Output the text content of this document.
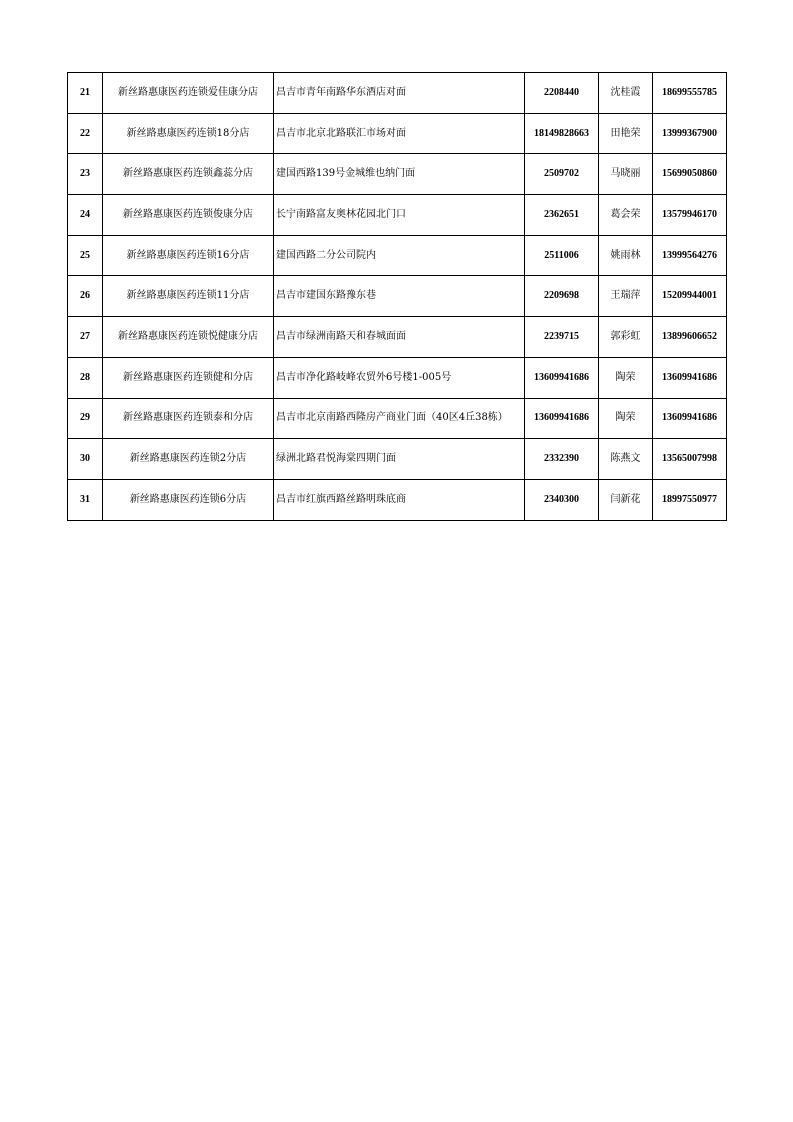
21	新丝路惠康医药连锁爱佳康分店	昌吉市青年南路华东酒店对面	2208440	沈桂霞	18699555785
22	新丝路惠康医药连锁18分店	昌吉市北京北路联汇市场对面	18149828663	田艳荣	13999367900
23	新丝路惠康医药连锁鑫蕊分店	建国西路139号金城维也纳门面	2509702	马晓丽	15699050860
24	新丝路惠康医药连锁俊康分店	长宁南路富友奥林花园北门口	2362651	葛会荣	13579946170
25	新丝路惠康医药连锁16分店	建国西路二分公司院内	2511006	姚雨林	13999564276
26	新丝路惠康医药连锁11分店	昌吉市建国东路豫东巷	2209698	王瑞萍	15209944001
27	新丝路惠康医药连锁悦健康分店	昌吉市绿洲南路天和春城面面	2239715	郭彩虹	13899606652
28	新丝路惠康医药连锁健和分店	昌吉市净化路岐峰农贸外6号楼1-005号	13609941686	陶荣	13609941686
29	新丝路惠康医药连锁泰和分店	昌吉市北京南路西隆房产商业门面（40区4丘38栋）	13609941686	陶荣	13609941686
30	新丝路惠康医药连锁2分店	绿洲北路君悦海棠四期门面	2332390	陈燕文	13565007998
31	新丝路惠康医药连锁6分店	昌吉市红旗西路丝路明珠底商	2340300	闫新花	18997550977
